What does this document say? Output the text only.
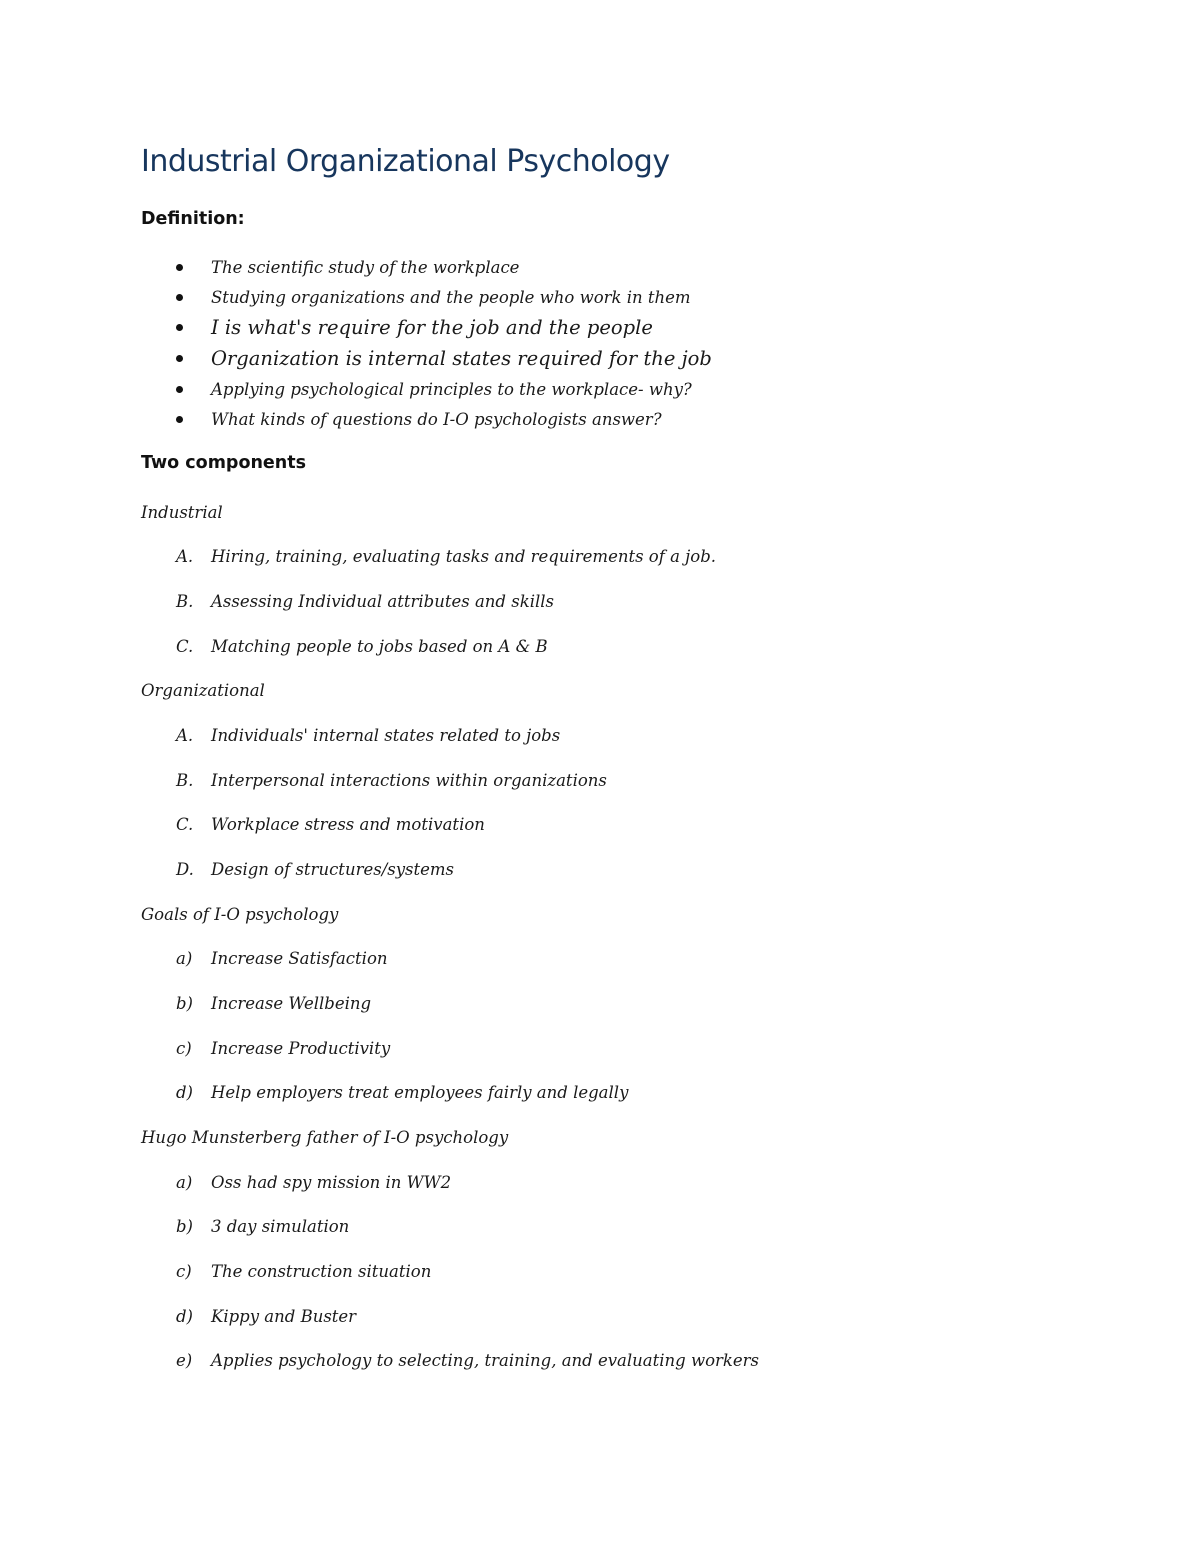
Industrial Organizational Psychology
Definition:
The scientific study of the workplace
Studying organizations and the people who work in them
I is what's require for the job and the people
Organization is internal states required for the job
Applying psychological principles to the workplace- why?
What kinds of questions do I-O psychologists answer?
Two components
Industrial
A. Hiring, training, evaluating tasks and requirements of a job.
B. Assessing Individual attributes and skills
C. Matching people to jobs based on A & B
Organizational
A. Individuals' internal states related to jobs
B. Interpersonal interactions within organizations
C. Workplace stress and motivation
D. Design of structures/systems
Goals of I-O psychology
a) Increase Satisfaction
b) Increase Wellbeing
c) Increase Productivity
d) Help employers treat employees fairly and legally
Hugo Munsterberg father of I-O psychology
a) Oss had spy mission in WW2
b) 3 day simulation
c) The construction situation
d) Kippy and Buster
e) Applies psychology to selecting, training, and evaluating workers
